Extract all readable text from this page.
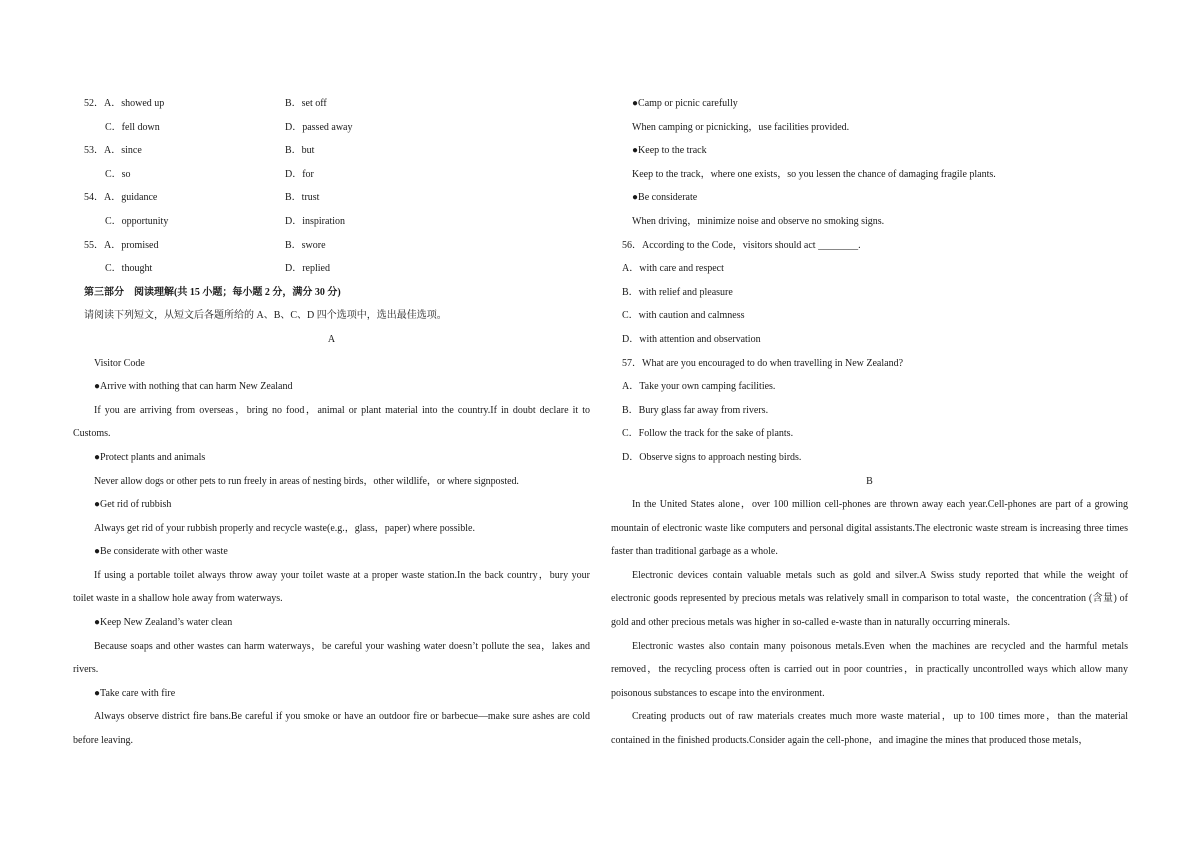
52．A．showed up	B．set off
C．fell down	D．passed away
53．A．since	B．but
C．so	D．for
54．A．guidance	B．trust
C．opportunity	D．inspiration
55．A．promised	B．swore
C．thought	D．replied
第三部分　阅读理解(共 15 小题；每小题 2 分，满分 30 分)
请阅读下列短文，从短文后各题所给的 A、B、C、D 四个选项中，选出最佳选项。
A
Visitor Code
●Arrive with nothing that can harm New Zealand
If you are arriving from overseas，bring no food，animal or plant material into the country.If in doubt declare it to Customs.
●Protect plants and animals
Never allow dogs or other pets to run freely in areas of nesting birds，other wildlife，or where signposted.
●Get rid of rubbish
Always get rid of your rubbish properly and recycle waste(e.g.，glass，paper) where possible.
●Be considerate with other waste
If using a portable toilet always throw away your toilet waste at a proper waste station.In the back country，bury your toilet waste in a shallow hole away from waterways.
●Keep New Zealand’s water clean
Because soaps and other wastes can harm waterways，be careful your washing water doesn’t pollute the sea，lakes and rivers.
●Take care with fire
Always observe district fire bans.Be careful if you smoke or have an outdoor fire or barbecue—make sure ashes are cold before leaving.
●Camp or picnic carefully
When camping or picnicking，use facilities provided.
●Keep to the track
Keep to the track，where one exists，so you lessen the chance of damaging fragile plants.
●Be considerate
When driving，minimize noise and observe no smoking signs.
56．According to the Code，visitors should act ________.
A．with care and respect
B．with relief and pleasure
C．with caution and calmness
D．with attention and observation
57．What are you encouraged to do when travelling in New Zealand?
A．Take your own camping facilities.
B．Bury glass far away from rivers.
C．Follow the track for the sake of plants.
D．Observe signs to approach nesting birds.
B
In the United States alone，over 100 million cell-phones are thrown away each year.Cell-phones are part of a growing mountain of electronic waste like computers and personal digital assistants.The electronic waste stream is increasing three times faster than traditional garbage as a whole.
Electronic devices contain valuable metals such as gold and silver.A Swiss study reported that while the weight of electronic goods represented by precious metals was relatively small in comparison to total waste，the concentration (含量) of gold and other precious metals was higher in so-called e-waste than in naturally occurring minerals.
Electronic wastes also contain many poisonous metals.Even when the machines are recycled and the harmful metals removed，the recycling process often is carried out in poor countries，in practically uncontrolled ways which allow many poisonous substances to escape into the environment.
Creating products out of raw materials creates much more waste material，up to 100 times more，than the material contained in the finished products.Consider again the cell-phone，and imagine the mines that produced those metals，
